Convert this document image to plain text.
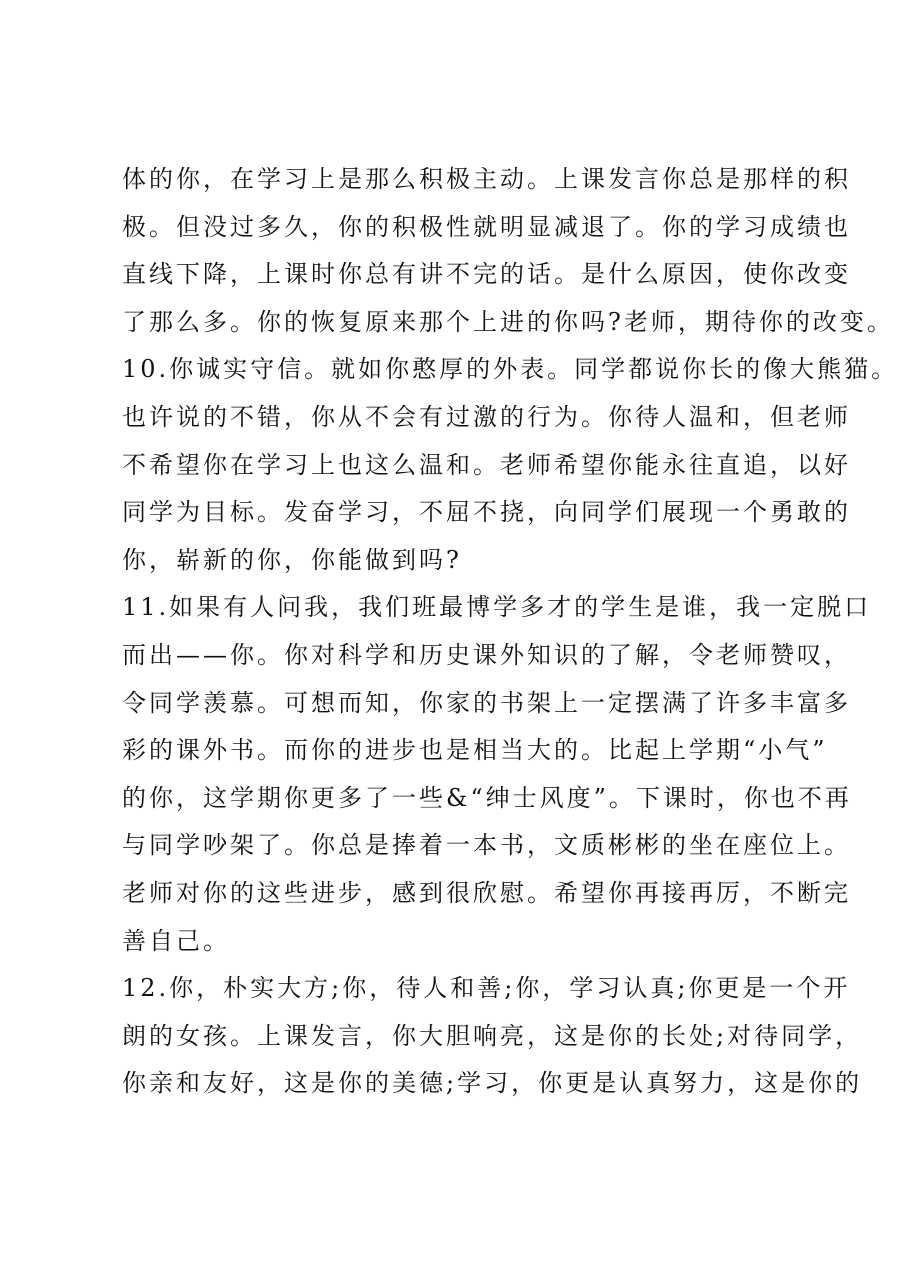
体的你，在学习上是那么积极主动。上课发言你总是那样的积
极。但没过多久，你的积极性就明显减退了。你的学习成绩也
直线下降，上课时你总有讲不完的话。是什么原因，使你改变
了那么多。你的恢复原来那个上进的你吗?老师，期待你的改变。
10.你诚实守信。就如你憨厚的外表。同学都说你长的像大熊猫。
也许说的不错，你从不会有过激的行为。你待人温和，但老师
不希望你在学习上也这么温和。老师希望你能永往直追，以好
同学为目标。发奋学习，不屈不挠，向同学们展现一个勇敢的
你，崭新的你，你能做到吗?
11.如果有人问我，我们班最博学多才的学生是谁，我一定脱口
而出——你。你对科学和历史课外知识的了解，令老师赞叹，
令同学羡慕。可想而知，你家的书架上一定摆满了许多丰富多
彩的课外书。而你的进步也是相当大的。比起上学期“小气”
的你，这学期你更多了一些&“绅士风度”。下课时，你也不再
与同学吵架了。你总是捧着一本书，文质彬彬的坐在座位上。
老师对你的这些进步，感到很欣慰。希望你再接再厉，不断完
善自己。
12.你，朴实大方;你，待人和善;你，学习认真;你更是一个开
朗的女孩。上课发言，你大胆响亮，这是你的长处;对待同学，
你亲和友好，这是你的美德;学习，你更是认真努力，这是你的
